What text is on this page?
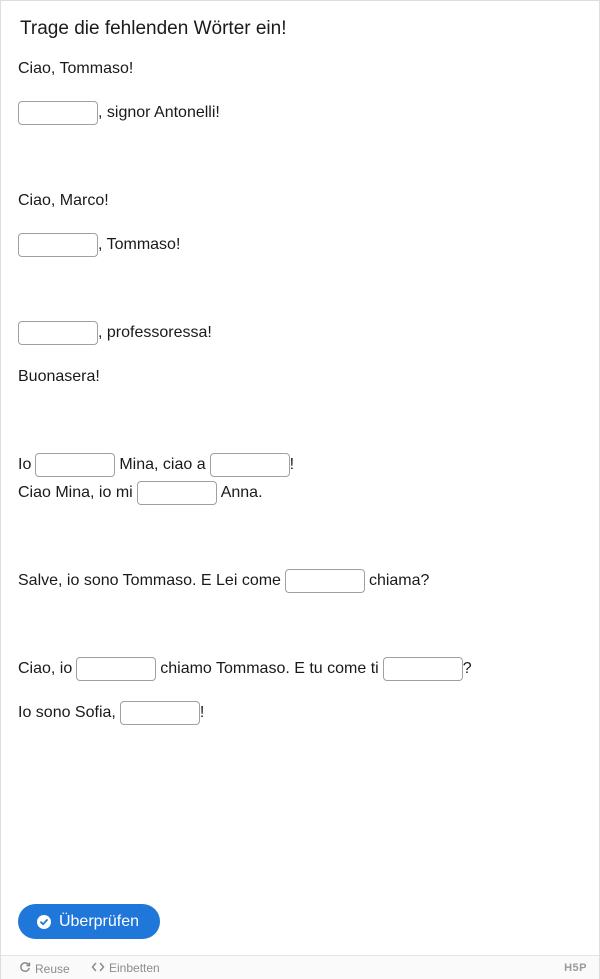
Trage die fehlenden Wörter ein!
Ciao, Tommaso!
, signor Antonelli!
Ciao, Marco!
, Tommaso!
, professoressa!
Buonasera!
Io	Mina, ciao a	!
Ciao Mina, io mi	Anna.
Salve, io sono Tommaso. E Lei come	chiama?
Ciao, io	chiamo Tommaso. E tu come ti	?
Io sono Sofia,	!
Überprüfen
Reuse	Einbetten	H5P
